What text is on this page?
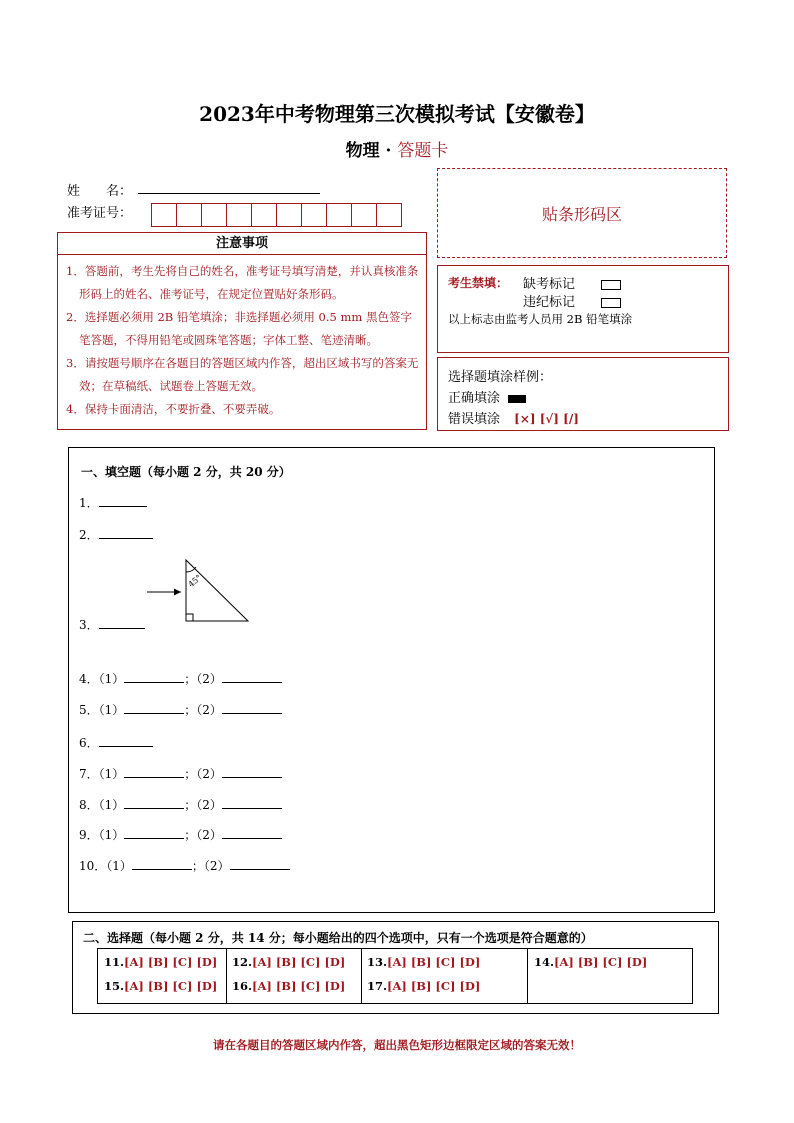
2023年中考物理第三次模拟考试【安徽卷】
物理 · 答题卡
姓　　名：
准考证号：	贴条形码区
注意事项
1．答题前，考生先将自己的姓名，准考证号填写清楚，并认真核准条形码上的姓名、准考证号，在规定位置贴好条形码。
2．选择题必须用 2B 铅笔填涂；非选择题必须用 0.5 mm 黑色签字笔答题，不得用铅笔或圆珠笔答题；字体工整、笔迹清晰。
3．请按题号顺序在各题目的答题区域内作答，超出区域书写的答案无效；在草稿纸、试题卷上答题无效。
4．保持卡面清洁，不要折叠、不要弄破。
考生禁填： 缺考标记
违纪标记
以上标志由监考人员用 2B 铅笔填涂
选择题填涂样例：
正确填涂
错误填涂 [×] [√] [/]
一、填空题（每小题 2 分，共 20 分）
1．
2．
45°
3．
4．（1）	；（2）
5．（1）	；（2）
6．
7．（1）	；（2）
8．（1）	；（2）
9．（1）	；（2）
10．（1）	；（2）
二、选择题（每小题 2 分，共 14 分；每小题给出的四个选项中，只有一个选项是符合题意的）
11.[A] [B] [C] [D] 12.[A] [B] [C] [D] 13.[A] [B] [C] [D]	14.[A] [B] [C] [D]
15.[A] [B] [C] [D] 16.[A] [B] [C] [D] 17.[A] [B] [C] [D]
请在各题目的答题区域内作答，超出黑色矩形边框限定区域的答案无效！
